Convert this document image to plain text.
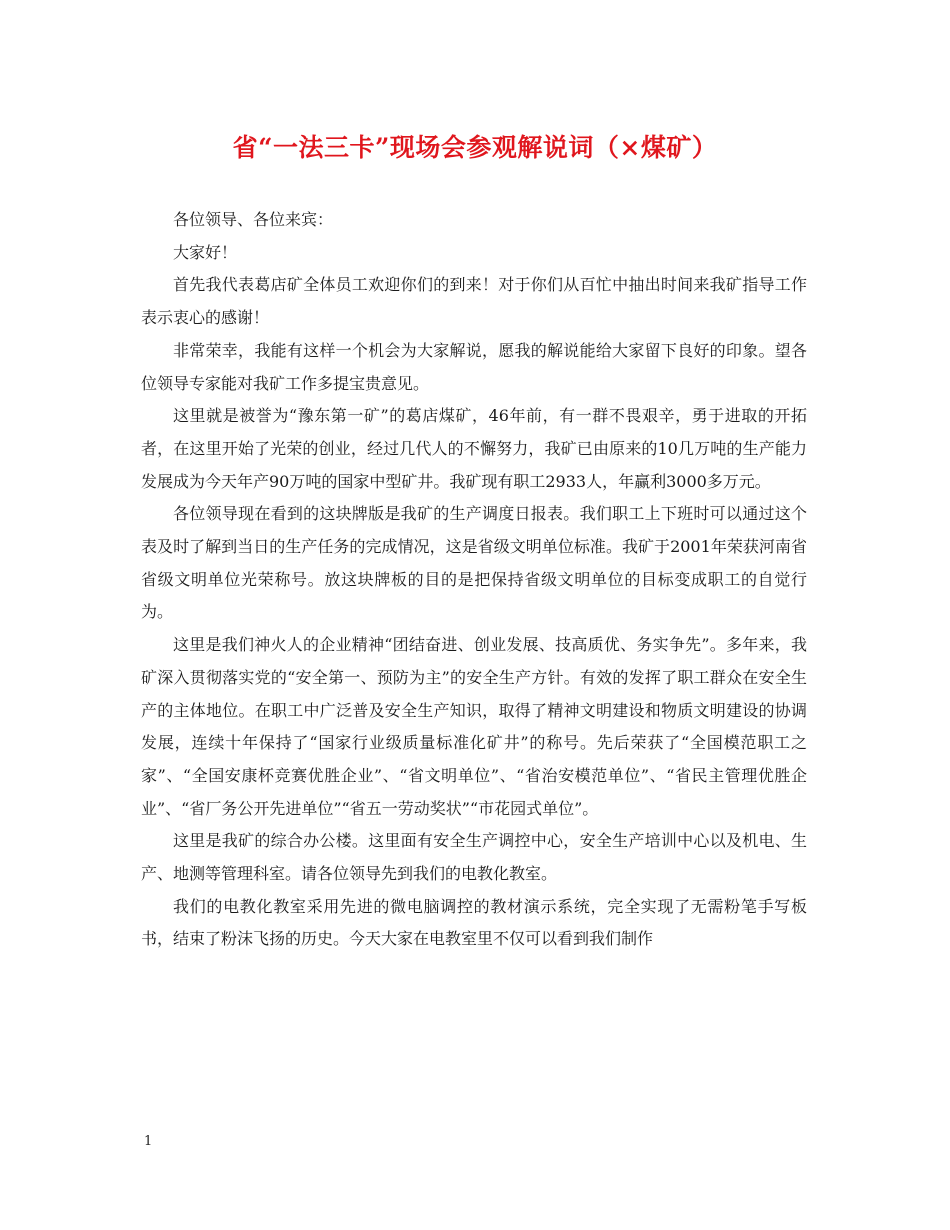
省“一法三卡”现场会参观解说词（×煤矿）

各位领导、各位来宾：

大家好！

首先我代表葛店矿全体员工欢迎你们的到来！对于你们从百忙中抽出时间来我矿指导工作表示衷心的感谢！

非常荣幸，我能有这样一个机会为大家解说，愿我的解说能给大家留下良好的印象。望各位领导专家能对我矿工作多提宝贵意见。

这里就是被誉为“豫东第一矿”的葛店煤矿，46年前，有一群不畏艰辛，勇于进取的开拓者，在这里开始了光荣的创业，经过几代人的不懈努力，我矿已由原来的10几万吨的生产能力发展成为今天年产90万吨的国家中型矿井。我矿现有职工2933人，年赢利3000多万元。

各位领导现在看到的这块牌版是我矿的生产调度日报表。我们职工上下班时可以通过这个表及时了解到当日的生产任务的完成情况，这是省级文明单位标准。我矿于2001年荣获河南省省级文明单位光荣称号。放这块牌板的目的是把保持省级文明单位的目标变成职工的自觉行为。

这里是我们神火人的企业精神“团结奋进、创业发展、技高质优、务实争先”。多年来，我矿深入贯彻落实党的“安全第一、预防为主”的安全生产方针。有效的发挥了职工群众在安全生产的主体地位。在职工中广泛普及安全生产知识，取得了精神文明建设和物质文明建设的协调发展，连续十年保持了“国家行业级质量标准化矿井”的称号。先后荣获了“全国模范职工之家”、“全国安康杯竞赛优胜企业”、“省文明单位”、“省治安模范单位”、“省民主管理优胜企业”、“省厂务公开先进单位”“省五一劳动奖状”“市花园式单位”。

这里是我矿的综合办公楼。这里面有安全生产调控中心，安全生产培训中心以及机电、生产、地测等管理科室。请各位领导先到我们的电教化教室。

我们的电教化教室采用先进的微电脑调控的教材演示系统，完全实现了无需粉笔手写板书，结束了粉沫飞扬的历史。今天大家在电教室里不仅可以看到我们制作

1
